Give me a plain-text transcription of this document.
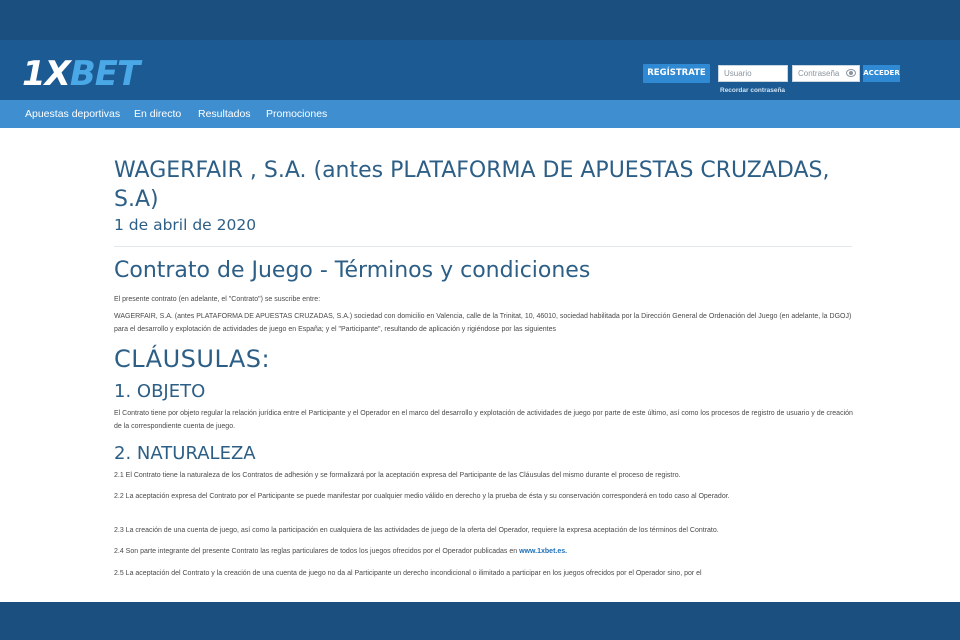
1XBET	REGÍSTRATE	Usuario	Contraseña	ACCEDER
Recordar contraseña
Apuestas deportivas En directo Resultados Promociones
WAGERFAIR , S.A. (antes PLATAFORMA DE APUESTAS CRUZADAS, S.A)
1 de abril de 2020
Contrato de Juego - Términos y condiciones
El presente contrato (en adelante, el "Contrato") se suscribe entre:
WAGERFAIR, S.A. (antes PLATAFORMA DE APUESTAS CRUZADAS, S.A.) sociedad con domicilio en Valencia, calle de la Trinitat, 10, 46010, sociedad habilitada por la Dirección General de Ordenación del Juego (en adelante, la DGOJ) para el desarrollo y explotación de actividades de juego en España; y el "Participante", resultando de aplicación y rigiéndose por las siguientes
CLÁUSULAS:
1. OBJETO
El Contrato tiene por objeto regular la relación jurídica entre el Participante y el Operador en el marco del desarrollo y explotación de actividades de juego por parte de este último, así como los procesos de registro de usuario y de creación de la correspondiente cuenta de juego.
2. NATURALEZA
2.1 El Contrato tiene la naturaleza de los Contratos de adhesión y se formalizará por la aceptación expresa del Participante de las Cláusulas del mismo durante el proceso de registro.
2.2 La aceptación expresa del Contrato por el Participante se puede manifestar por cualquier medio válido en derecho y la prueba de ésta y su conservación corresponderá en todo caso al Operador.
2.3 La creación de una cuenta de juego, así como la participación en cualquiera de las actividades de juego de la oferta del Operador, requiere la expresa aceptación de los términos del Contrato.
2.4 Son parte integrante del presente Contrato las reglas particulares de todos los juegos ofrecidos por el Operador publicadas en www.1xbet.es.
2.5 La aceptación del Contrato y la creación de una cuenta de juego no da al Participante un derecho incondicional o ilimitado a participar en los juegos ofrecidos por el Operador sino, por el
